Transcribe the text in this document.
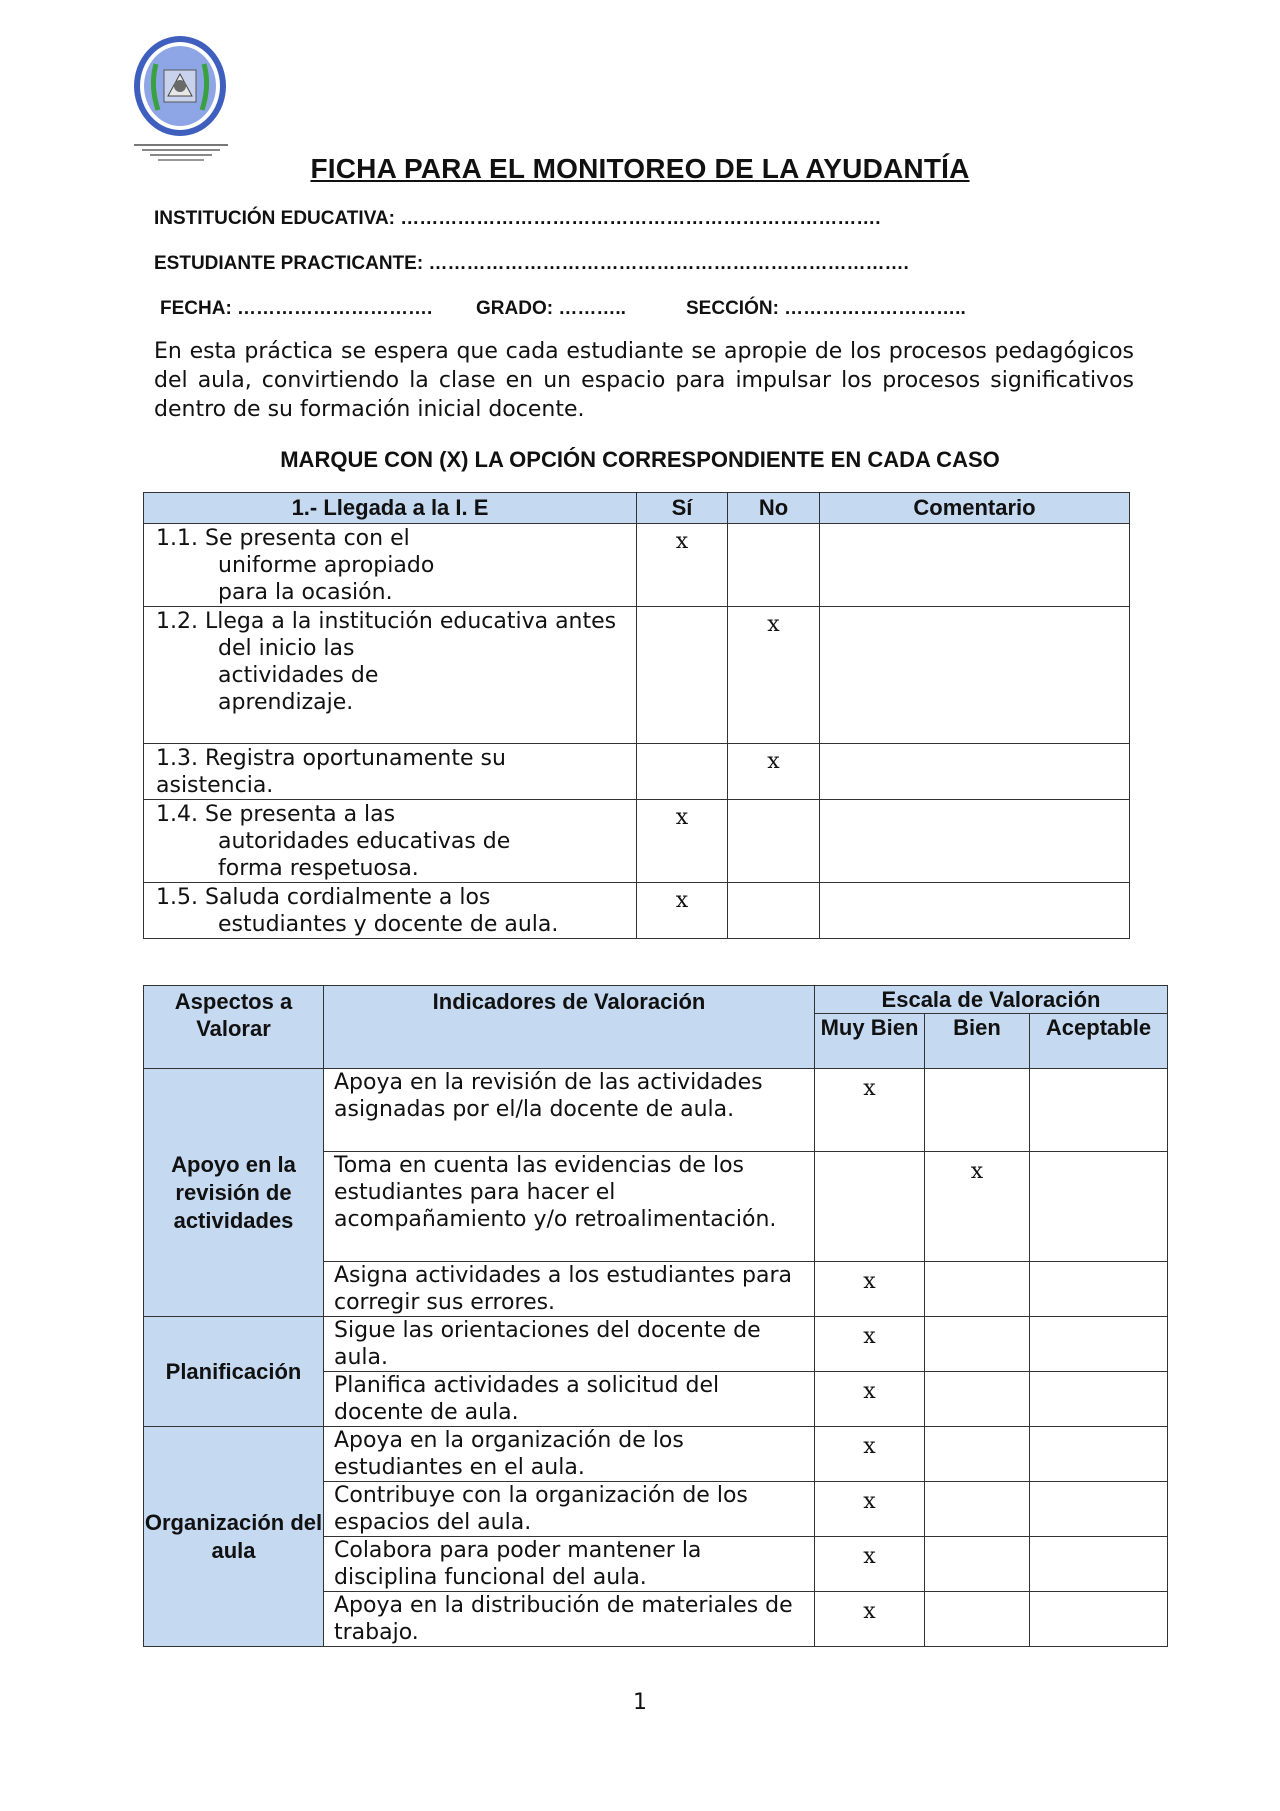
FICHA PARA EL MONITOREO DE LA AYUDANTÍA
INSTITUCIÓN EDUCATIVA: ………………………………………………………………….
ESTUDIANTE PRACTICANTE: ………………………………………………………………….
FECHA: …………………………. GRADO: ………..	SECCIÓN: ………………………..
En esta práctica se espera que cada estudiante se apropie de los procesos pedagógicos del aula, convirtiendo la clase en un espacio para impulsar los procesos significativos dentro de su formación inicial docente.
MARQUE CON (X) LA OPCIÓN CORRESPONDIENTE EN CADA CASO
1.- Llegada a la I. E	Sí	No	Comentario
1.1. Se presenta con el
uniforme apropiado
para la ocasión.	x		
1.2. Llega a la institución educativa antes
del inicio las
actividades de
aprendizaje.		x	
1.3. Registra oportunamente su asistencia.		x	
1.4. Se presenta a las
autoridades educativas de
forma respetuosa.	x		
1.5. Saluda cordialmente a los
estudiantes y docente de aula.	x		
Aspectos a Valorar	Indicadores de Valoración	Escala de Valoración		
		Muy Bien	Bien	Aceptable
Apoyo en la revisión de actividades	Apoya en la revisión de las actividades asignadas por el/la docente de aula.	x		
	Toma en cuenta las evidencias de los estudiantes para hacer el acompañamiento y/o retroalimentación.		x	
	Asigna actividades a los estudiantes para corregir sus errores.	x		
Planificación	Sigue las orientaciones del docente de aula.	x		
	Planifica actividades a solicitud del docente de aula.	x		
Organización del aula	Apoya en la organización de los estudiantes en el aula.	x		
	Contribuye con la organización de los espacios del aula.	x		
	Colabora para poder mantener la disciplina funcional del aula.	x		
	Apoya en la distribución de materiales de trabajo.	x		
1
